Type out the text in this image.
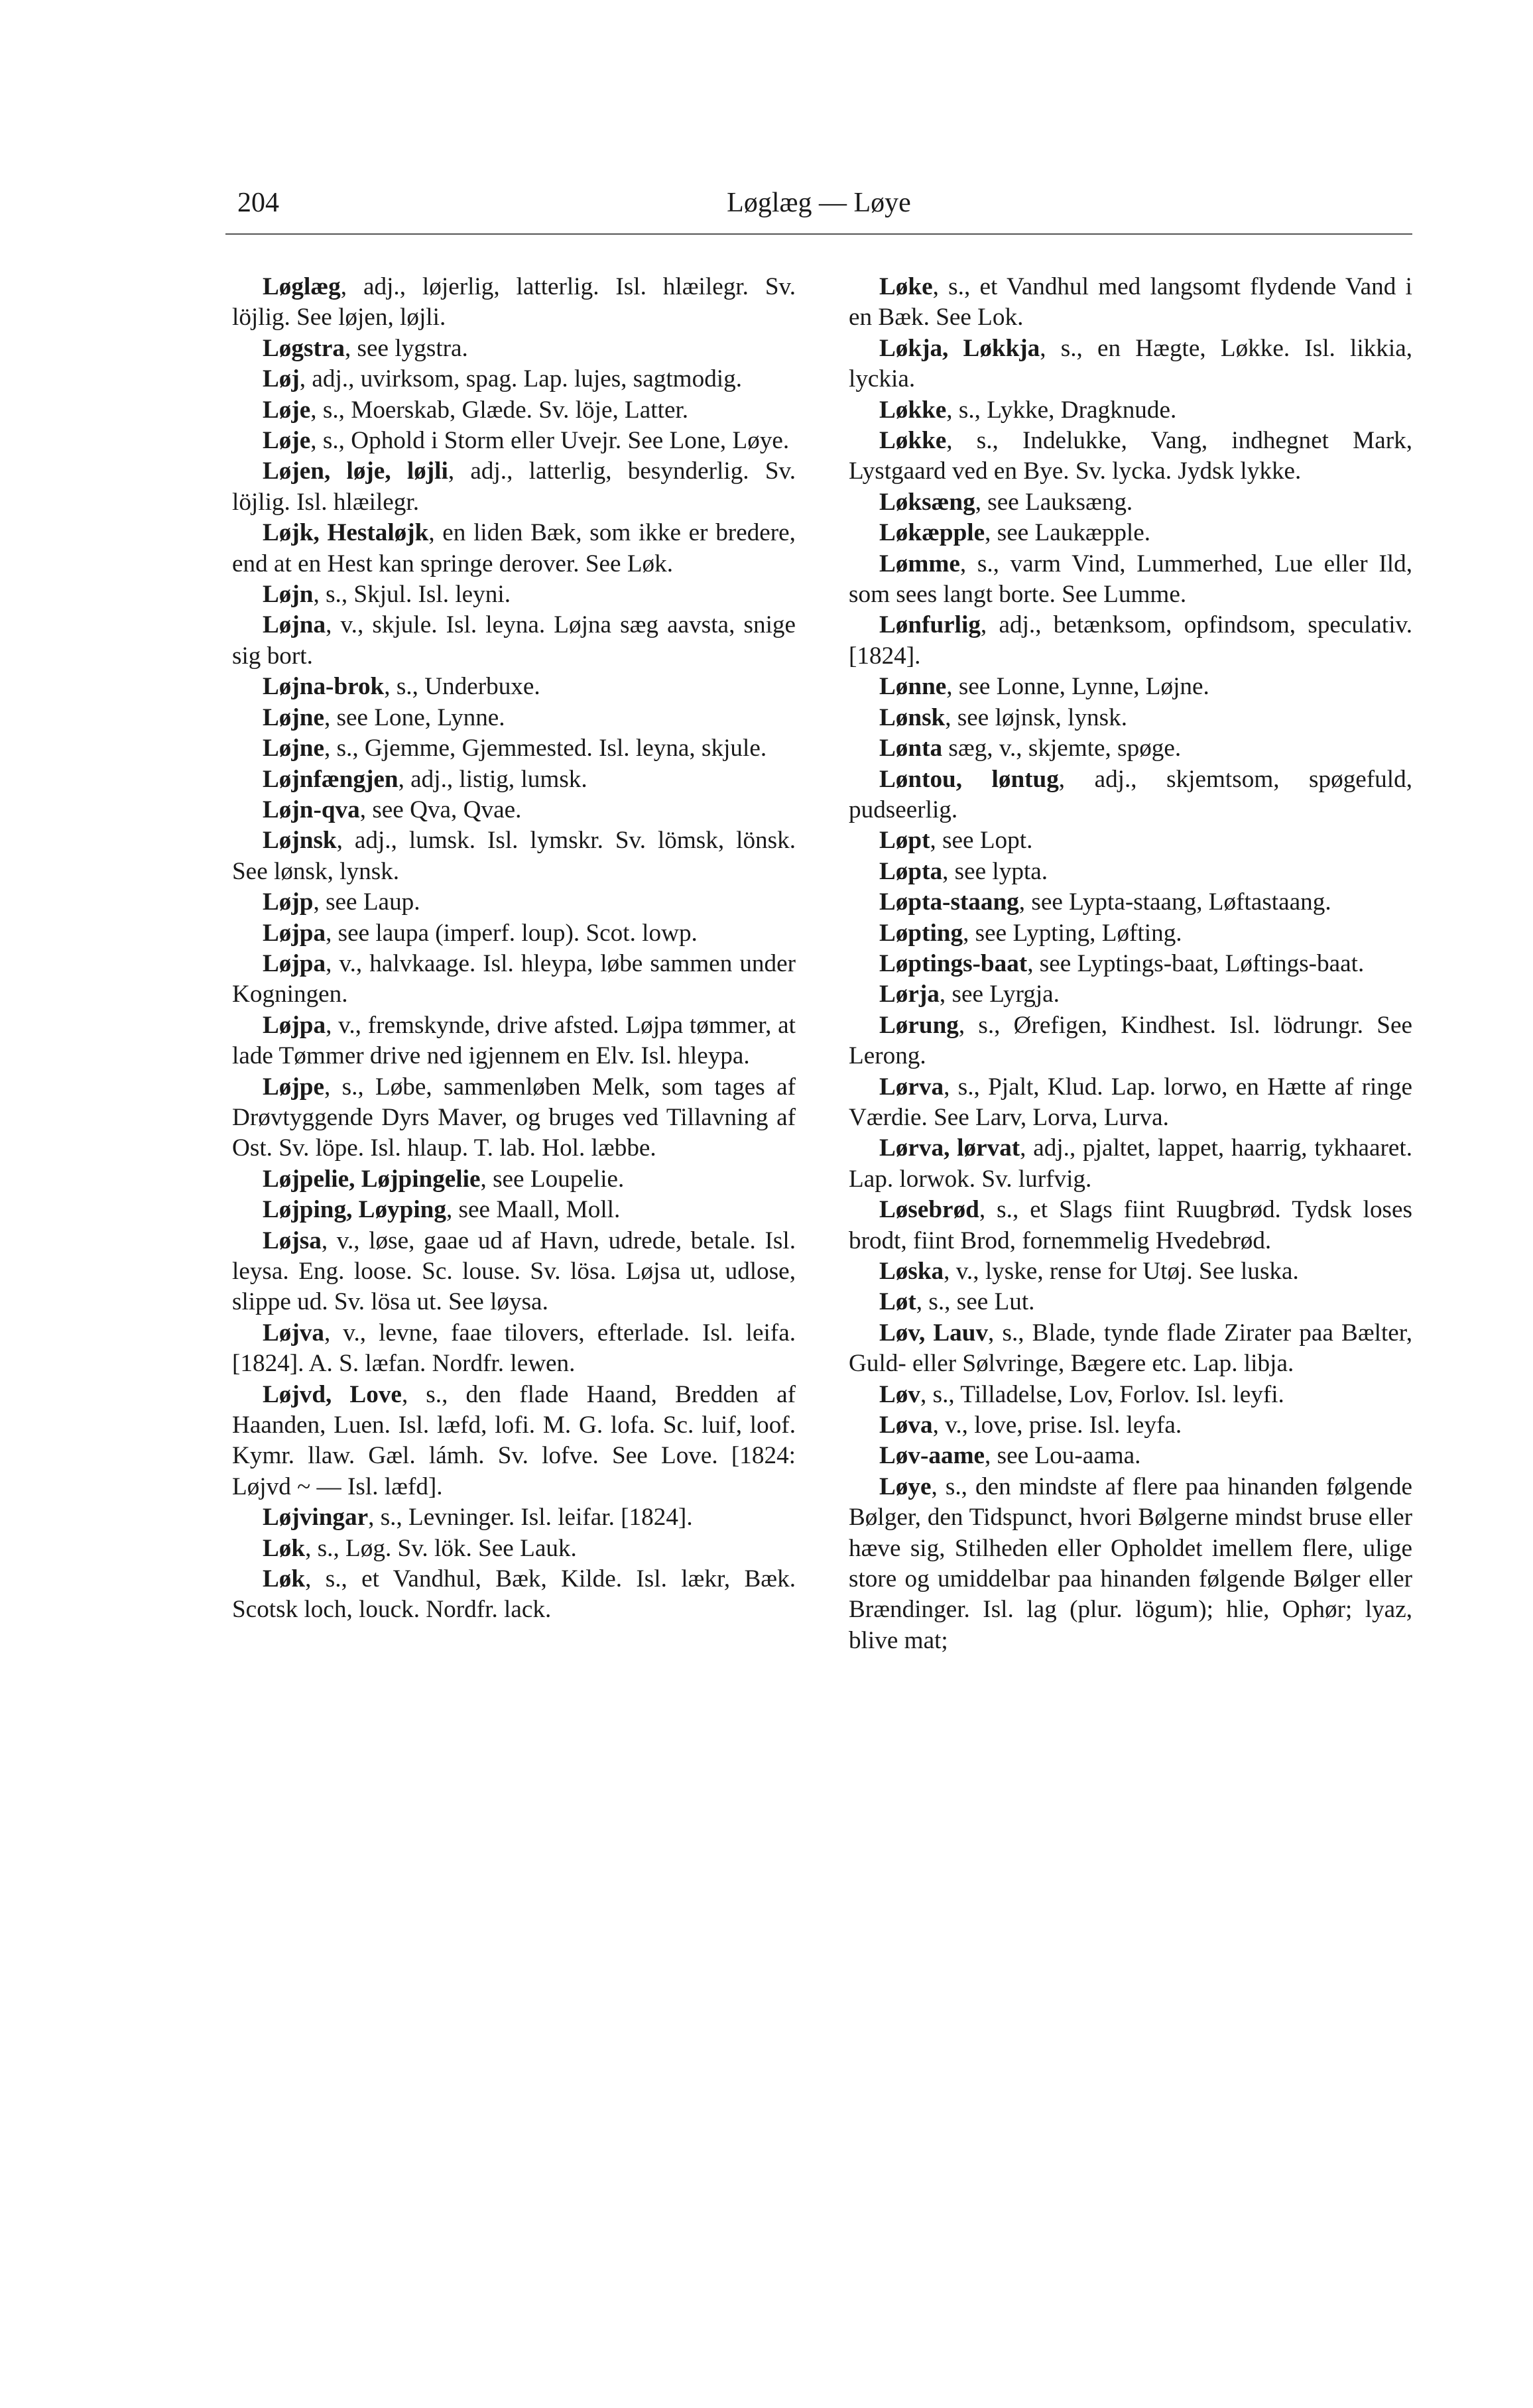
204	Løglæg — Løye

Løglæg, adj., løjerlig, latterlig. Isl. hlæilegr. Sv. löjlig. See løjen, løjli.

Løgstra, see lygstra.

Løj, adj., uvirksom, spag. Lap. lujes, sagtmodig.

Løje, s., Moerskab, Glæde. Sv. löje, Latter.

Løje, s., Ophold i Storm eller Uvejr. See Lone, Løye.

Løjen, løje, løjli, adj., latterlig, besynderlig. Sv. löjlig. Isl. hlæilegr.

Løjk, Hestaløjk, en liden Bæk, som ikke er bredere, end at en Hest kan springe derover. See Løk.

Løjn, s., Skjul. Isl. leyni.

Løjna, v., skjule. Isl. leyna. Løjna sæg aavsta, snige sig bort.

Løjna-brok, s., Underbuxe.

Løjne, see Lone, Lynne.

Løjne, s., Gjemme, Gjemmested. Isl. leyna, skjule.

Løjnfængjen, adj., listig, lumsk.

Løjn-qva, see Qva, Qvae.

Løjnsk, adj., lumsk. Isl. lymskr. Sv. lömsk, lönsk. See lønsk, lynsk.

Løjp, see Laup.

Løjpa, see laupa (imperf. loup). Scot. lowp.

Løjpa, v., halvkaage. Isl. hleypa, løbe sammen under Kogningen.

Løjpa, v., fremskynde, drive afsted. Løjpa tømmer, at lade Tømmer drive ned igjennem en Elv. Isl. hleypa.

Løjpe, s., Løbe, sammenløben Melk, som tages af Drøvtyggende Dyrs Maver, og bruges ved Tillavning af Ost. Sv. löpe. Isl. hlaup. T. lab. Hol. læbbe.

Løjpelie, Løjpingelie, see Loupelie.

Løjping, Løyping, see Maall, Moll.

Løjsa, v., løse, gaae ud af Havn, udrede, betale. Isl. leysa. Eng. loose. Sc. louse. Sv. lösa. Løjsa ut, udlose, slippe ud. Sv. lösa ut. See løysa.

Løjva, v., levne, faae tilovers, efterlade. Isl. leifa. [1824]. A. S. læfan. Nordfr. lewen.

Løjvd, Love, s., den flade Haand, Bredden af Haanden, Luen. Isl. læfd, lofi. M. G. lofa. Sc. luif, loof. Kymr. llaw. Gæl. lámh. Sv. lofve. See Love. [1824: Løjvd ~ — Isl. læfd].

Løjvingar, s., Levninger. Isl. leifar. [1824].

Løk, s., Løg. Sv. lök. See Lauk.

Løk, s., et Vandhul, Bæk, Kilde. Isl. lækr, Bæk. Scotsk loch, louck. Nordfr. lack.

Løke, s., et Vandhul med langsomt flydende Vand i en Bæk. See Lok.

Løkja, Løkkja, s., en Hægte, Løkke. Isl. likkia, lyckia.

Løkke, s., Lykke, Dragknude.

Løkke, s., Indelukke, Vang, indhegnet Mark, Lystgaard ved en Bye. Sv. lycka. Jydsk lykke.

Løksæng, see Lauksæng.

Løkæpple, see Laukæpple.

Lømme, s., varm Vind, Lummerhed, Lue eller Ild, som sees langt borte. See Lumme.

Lønfurlig, adj., betænksom, opfindsom, speculativ. [1824].

Lønne, see Lonne, Lynne, Løjne.

Lønsk, see løjnsk, lynsk.

Lønta sæg, v., skjemte, spøge.

Løntou, løntug, adj., skjemtsom, spøgefuld, pudseerlig.

Løpt, see Lopt.

Løpta, see lypta.

Løpta-staang, see Lypta-staang, Løftastaang.

Løpting, see Lypting, Løfting.

Løptings-baat, see Lyptings-baat, Løftings-baat.

Lørja, see Lyrgja.

Lørung, s., Ørefigen, Kindhest. Isl. lödrungr. See Lerong.

Lørva, s., Pjalt, Klud. Lap. lorwo, en Hætte af ringe Værdie. See Larv, Lorva, Lurva.

Lørva, lørvat, adj., pjaltet, lappet, haarrig, tykhaaret. Lap. lorwok. Sv. lurfvig.

Løsebrød, s., et Slags fiint Ruugbrød. Tydsk loses brodt, fiint Brod, fornemmelig Hvedebrød.

Løska, v., lyske, rense for Utøj. See luska.

Løt, s., see Lut.

Løv, Lauv, s., Blade, tynde flade Zirater paa Bælter, Guld- eller Sølvringe, Bægere etc. Lap. libja.

Løv, s., Tilladelse, Lov, Forlov. Isl. leyfi.

Løva, v., love, prise. Isl. leyfa.

Løv-aame, see Lou-aama.

Løye, s., den mindste af flere paa hinanden følgende Bølger, den Tidspunct, hvori Bølgerne mindst bruse eller hæve sig, Stilheden eller Opholdet imellem flere, ulige store og umiddelbar paa hinanden følgende Bølger eller Brændinger. Isl. lag (plur. lögum); hlie, Ophør; lyaz, blive mat;
